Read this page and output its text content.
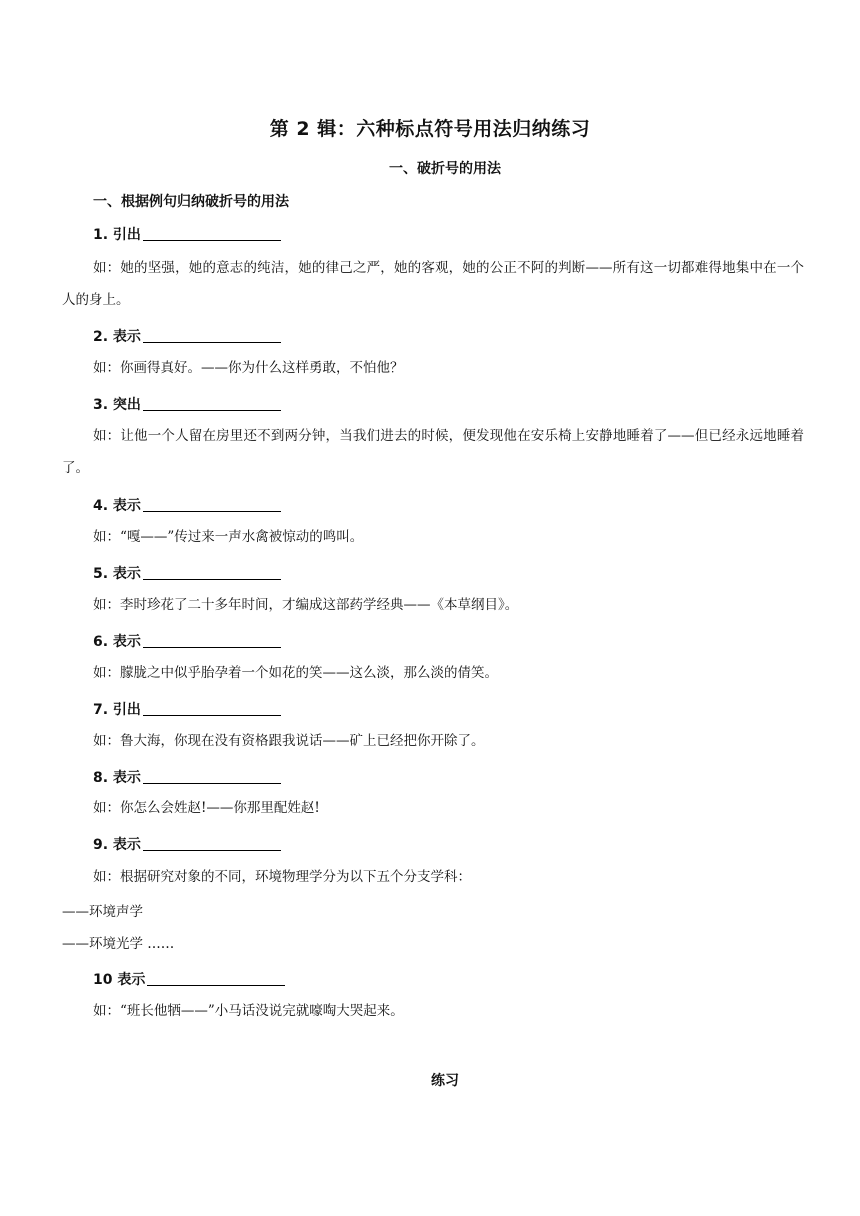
第 2 辑：六种标点符号用法归纳练习
一、破折号的用法
一、根据例句归纳破折号的用法
1. 引出
如：她的坚强，她的意志的纯洁，她的律己之严，她的客观，她的公正不阿的判断——所有这一切都难得地集中在一个人的身上。
2. 表示
如：你画得真好。——你为什么这样勇敢，不怕他？
3. 突出
如：让他一个人留在房里还不到两分钟，当我们进去的时候，便发现他在安乐椅上安静地睡着了——但已经永远地睡着了。
4. 表示
如：“嘎——”传过来一声水禽被惊动的鸣叫。
5. 表示
如：李时珍花了二十多年时间，才编成这部药学经典——《本草纲目》。
6. 表示
如：朦胧之中似乎胎孕着一个如花的笑——这么淡，那么淡的倩笑。
7. 引出
如：鲁大海，你现在没有资格跟我说话——矿上已经把你开除了。
8. 表示
如：你怎么会姓赵!——你那里配姓赵!
9. 表示
如：根据研究对象的不同，环境物理学分为以下五个分支学科：
——环境声学
——环境光学 ……
10 表示
如：“班长他牺——”小马话没说完就嚎啕大哭起来。
练习
